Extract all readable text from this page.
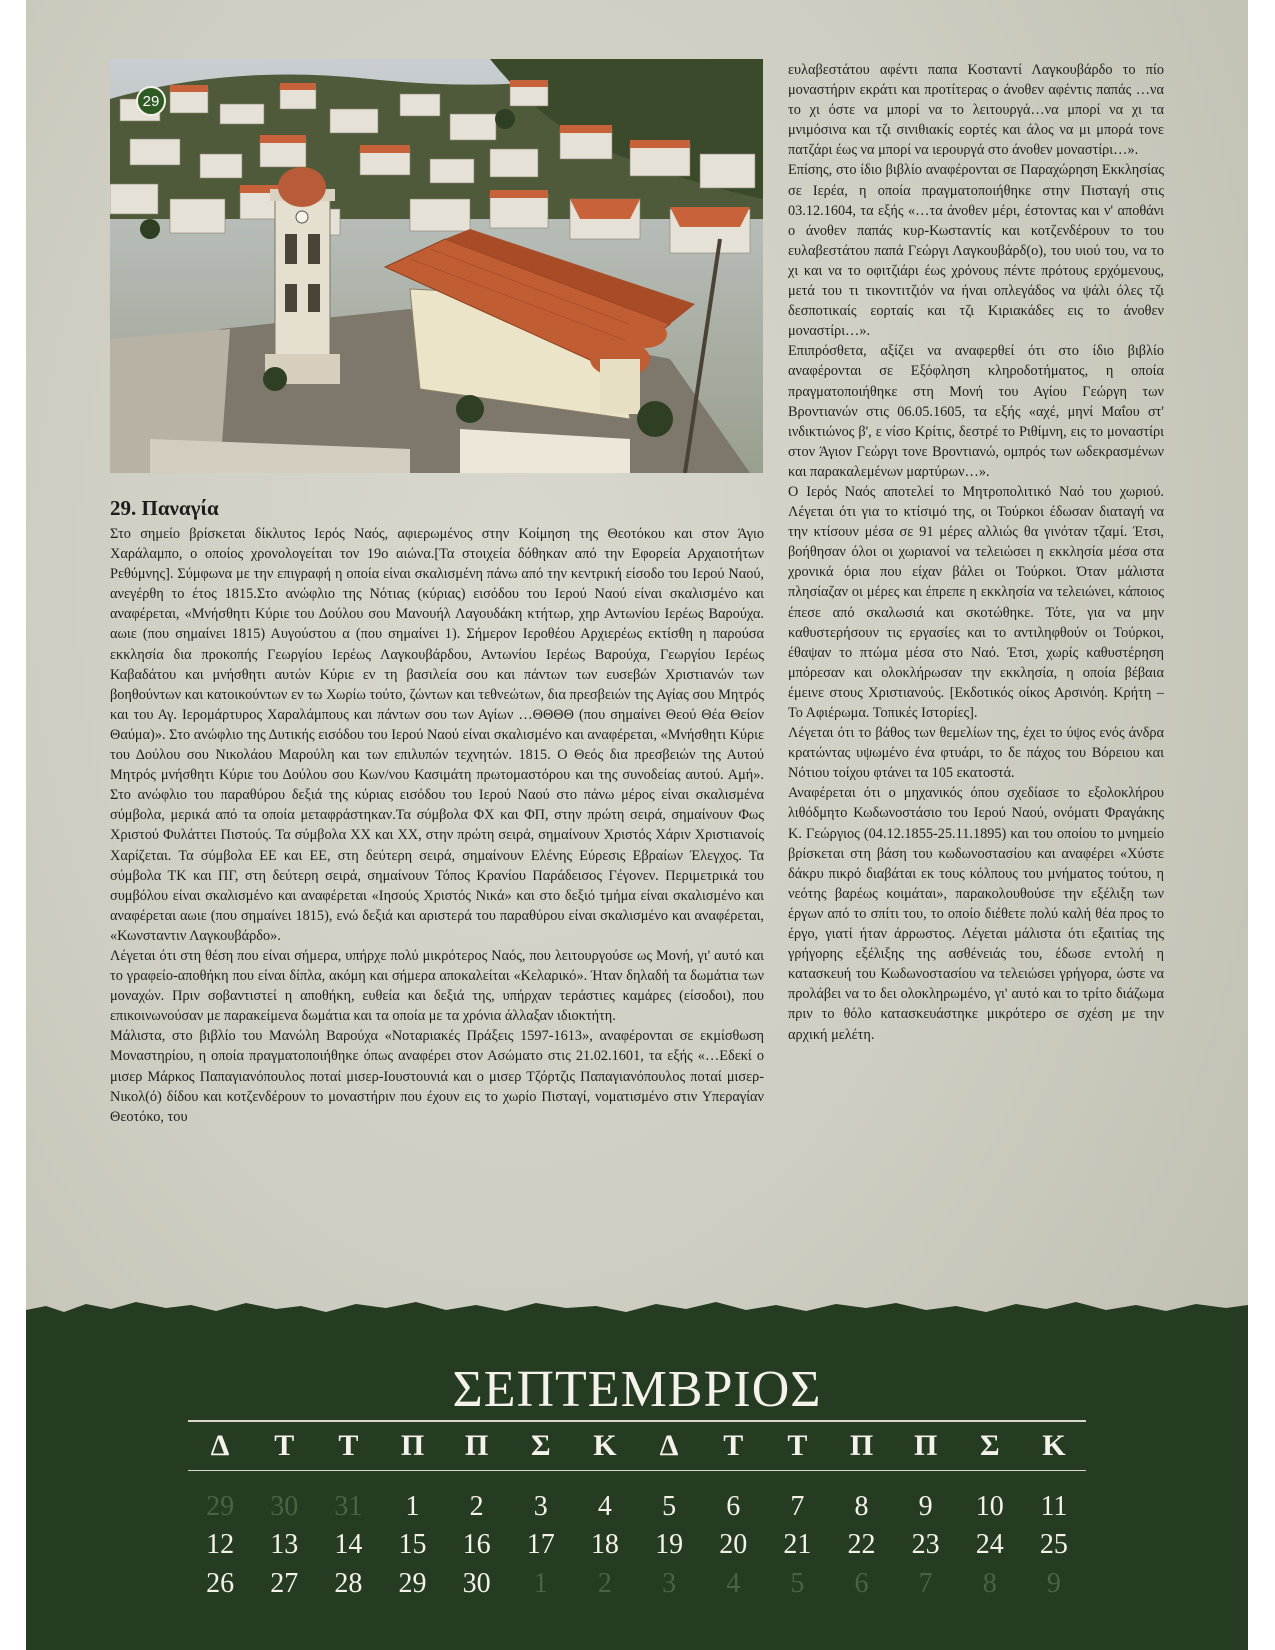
29
29. Παναγία

Στο σημείο βρίσκεται δίκλυτος Ιερός Ναός, αφιερωμένος στην Κοίμηση της Θεοτόκου και στον Άγιο Χαράλαμπο, ο οποίος χρονολογείται τον 19ο αιώνα.[Τα στοιχεία δόθηκαν από την Εφορεία Αρχαιοτήτων Ρεθύμνης]. Σύμφωνα με την επιγραφή η οποία είναι σκαλισμένη πάνω από την κεντρική είσοδο του Ιερού Ναού, ανεγέρθη το έτος 1815.Στο ανώφλιο της Νότιας (κύριας) εισόδου του Ιερού Ναού είναι σκαλισμένο και αναφέρεται, «Μνήσθητι Κύριε του Δούλου σου Μανουήλ Λαγουδάκη κτήτωρ, χηρ Αντωνίου Ιερέως Βαρούχα. αωιε (που σημαίνει 1815) Αυγούστου α (που σημαίνει 1). Σήμερον Ιεροθέου Αρχιερέως εκτίσθη η παρούσα εκκλησία δια προκοπής Γεωργίου Ιερέως Λαγκουβάρδου, Αντωνίου Ιερέως Βαρούχα, Γεωργίου Ιερέως Καβαδάτου και μνήσθητι αυτών Κύριε εν τη βασιλεία σου και πάντων των ευσεβών Χριστιανών των βοηθούντων και κατοικούντων εν τω Χωρίω τούτο, ζώντων και τεθνεώτων, δια πρεσβειών της Αγίας σου Μητρός και του Αγ. Ιερομάρτυρος Χαραλάμπους και πάντων σου των Αγίων …ΘΘΘΘ (που σημαίνει Θεού Θέα Θείον Θαύμα)». Στο ανώφλιο της Δυτικής εισόδου του Ιερού Ναού είναι σκαλισμένο και αναφέρεται, «Μνήσθητι Κύριε του Δούλου σου Νικολάου Μαρούλη και των επιλυπών τεχνητών. 1815. Ο Θεός δια πρεσβειών της Αυτού Μητρός μνήσθητι Κύριε του Δούλου σου Κων/νου Κασιμάτη πρωτομαστόρου και της συνοδείας αυτού. Αμή». Στο ανώφλιο του παραθύρου δεξιά της κύριας εισόδου του Ιερού Ναού στο πάνω μέρος είναι σκαλισμένα σύμβολα, μερικά από τα οποία μεταφράστηκαν.Τα σύμβολα ΦΧ και ΦΠ, στην πρώτη σειρά, σημαίνουν Φως Χριστού Φυλάττει Πιστούς. Τα σύμβολα ΧΧ και ΧΧ, στην πρώτη σειρά, σημαίνουν Χριστός Χάριν Χριστιανοίς Χαρίζεται. Τα σύμβολα ΕΕ και ΕΕ, στη δεύτερη σειρά, σημαίνουν Ελένης Εύρεσις Εβραίων Έλεγχος. Τα σύμβολα ΤΚ και ΠΓ, στη δεύτερη σειρά, σημαίνουν Τόπος Κρανίου Παράδεισος Γέγονεν. Περιμετρικά του συμβόλου είναι σκαλισμένο και αναφέρεται «Ιησούς Χριστός Νικά» και στο δεξιό τμήμα είναι σκαλισμένο και αναφέρεται αωιε (που σημαίνει 1815), ενώ δεξιά και αριστερά του παραθύρου είναι σκαλισμένο και αναφέρεται, «Κωνσταντιν Λαγκουβάρδο».

Λέγεται ότι στη θέση που είναι σήμερα, υπήρχε πολύ μικρότερος Ναός, που λειτουργούσε ως Μονή, γι' αυτό και το γραφείο-αποθήκη που είναι δίπλα, ακόμη και σήμερα αποκαλείται «Κελαρικό». Ήταν δηλαδή τα δωμάτια των μοναχών. Πριν σοβαντιστεί η αποθήκη, ευθεία και δεξιά της, υπήρχαν τεράστιες καμάρες (είσοδοι), που επικοινωνούσαν με παρακείμενα δωμάτια και τα οποία με τα χρόνια άλλαξαν ιδιοκτήτη.

Μάλιστα, στο βιβλίο του Μανώλη Βαρούχα «Νοταριακές Πράξεις 1597-1613», αναφέρονται σε εκμίσθωση Μοναστηρίου, η οποία πραγματοποιήθηκε όπως αναφέρει στον Ασώματο στις 21.02.1601, τα εξής «…Εδεκί ο μισερ Μάρκος Παπαγιανόπουλος ποταί μισερ-Ιουστουνιά και ο μισερ Τζόρτζις Παπαγιανόπουλος ποταί μισερ-Νικολ(ό) δίδου και κοτζενδέρουν το μοναστήριν που έχουν εις το χωρίο Πισταγί, νοματισμένο στιν Υπεραγίαν Θεοτόκο, του

ευλαβεστάτου αφέντι παπα Κοσταντί Λαγκουβάρδο το πίο μοναστήριν εκράτι και προτίτερας ο άνοθεν αφέντις παπάς …να το χι όστε να μπορί να το λειτουργά…να μπορί να χι τα μνιμόσινα και τζι σινιθιακίς εορτές και άλος να μι μπορά τονε πατζάρι έως να μπορί να ιερουργά στο άνοθεν μοναστίρι…».

Επίσης, στο ίδιο βιβλίο αναφέρονται σε Παραχώρηση Εκκλησίας σε Ιερέα, η οποία πραγματοποιήθηκε στην Πισταγή στις 03.12.1604, τα εξής «…τα άνοθεν μέρι, έστοντας και ν' αποθάνι ο άνοθεν παπάς κυρ-Κωσταντίς και κοτζενδέρουν το του ευλαβεστάτου παπά Γεώργι Λαγκουβάρδ(ο), του υιού του, να το χι και να το οφιτζιάρι έως χρόνους πέντε πρότους ερχόμενους, μετά του τι τικοντιτζιόν να ήναι οπλεγάδος να ψάλι όλες τζι δεσποτικαίς εορταίς και τζι Κιριακάδες εις το άνοθεν μοναστίρι…».

Επιπρόσθετα, αξίζει να αναφερθεί ότι στο ίδιο βιβλίο αναφέρονται σε Εξόφληση κληροδοτήματος, η οποία πραγματοποιήθηκε στη Μονή του Αγίου Γεώργη των Βροντιανών στις 06.05.1605, τα εξής «αχέ, μηνί Μαΐου στ' ινδικτιώνος β', ε νίσο Κρίτις, δεστρέ το Ριθίμνη, εις το μοναστίρι στον Άγιον Γεώργι τονε Βροντιανώ, ομπρός των ωδεκρασμένων και παρακαλεμένων μαρτύρων…».

Ο Ιερός Ναός αποτελεί το Μητροπολιτικό Ναό του χωριού. Λέγεται ότι για το κτίσιμό της, οι Τούρκοι έδωσαν διαταγή να την κτίσουν μέσα σε 91 μέρες αλλιώς θα γινόταν τζαμί. Έτσι, βοήθησαν όλοι οι χωριανοί να τελειώσει η εκκλησία μέσα στα χρονικά όρια που είχαν βάλει οι Τούρκοι. Όταν μάλιστα πλησίαζαν οι μέρες και έπρεπε η εκκλησία να τελειώνει, κάποιος έπεσε από σκαλωσιά και σκοτώθηκε. Τότε, για να μην καθυστερήσουν τις εργασίες και το αντιληφθούν οι Τούρκοι, έθαψαν το πτώμα μέσα στο Ναό. Έτσι, χωρίς καθυστέρηση μπόρεσαν και ολοκλήρωσαν την εκκλησία, η οποία βέβαια έμεινε στους Χριστιανούς. [Εκδοτικός οίκος Αρσινόη. Κρήτη – Το Αφιέρωμα. Τοπικές Ιστορίες].

Λέγεται ότι το βάθος των θεμελίων της, έχει το ύψος ενός άνδρα κρατώντας υψωμένο ένα φτυάρι, το δε πάχος του Βόρειου και Νότιου τοίχου φτάνει τα 105 εκατοστά.

Αναφέρεται ότι ο μηχανικός όπου σχεδίασε το εξολοκλήρου λιθόδμητο Κωδωνοστάσιο του Ιερού Ναού, ονόματι Φραγάκης Κ. Γεώργιος (04.12.1855-25.11.1895) και του οποίου το μνημείο βρίσκεται στη βάση του κωδωνοστασίου και αναφέρει «Χύστε δάκρυ πικρό διαβάται εκ τους κόλπους του μνήματος τούτου, η νεότης βαρέως κοιμάται», παρακολουθούσε την εξέλιξη των έργων από το σπίτι του, το οποίο διέθετε πολύ καλή θέα προς το έργο, γιατί ήταν άρρωστος. Λέγεται μάλιστα ότι εξαιτίας της γρήγορης εξέλιξης της ασθένειάς του, έδωσε εντολή η κατασκευή του Κωδωνοστασίου να τελειώσει γρήγορα, ώστε να προλάβει να το δει ολοκληρωμένο, γι' αυτό και το τρίτο διάζωμα πριν το θόλο κατασκευάστηκε μικρότερο σε σχέση με την αρχική μελέτη.

ΣΕΠΤΕΜΒΡΙΟΣ
Δ	Τ	Τ	Π	Π	Σ	Κ	Δ	Τ	Τ	Π	Π	Σ	Κ
29	30	31	1	2	3	4	5	6	7	8	9	10	11
12	13	14	15	16	17	18	19	20	21	22	23	24	25
26	27	28	29	30	1	2	3	4	5	6	7	8	9
